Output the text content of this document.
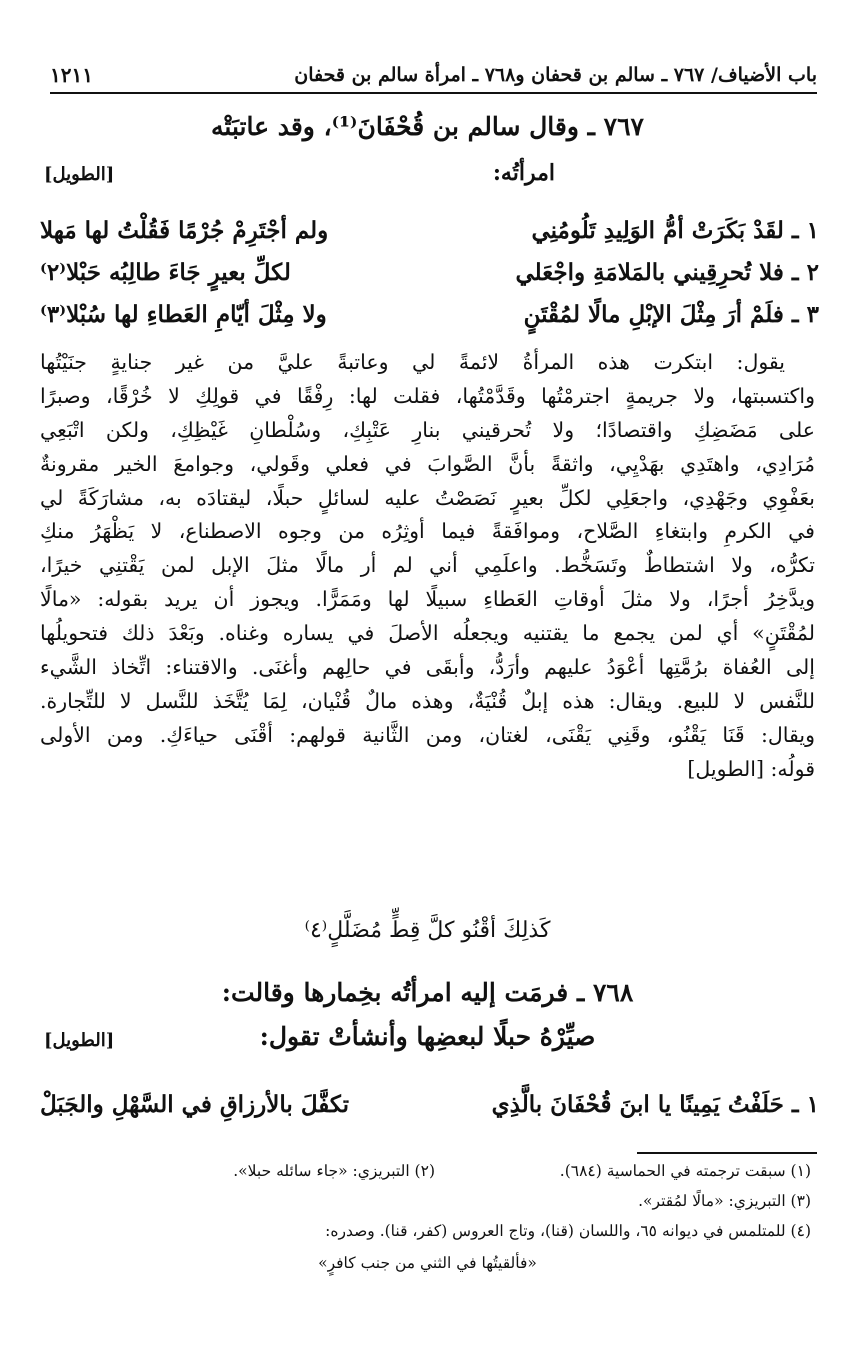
باب الأضياف/ ٧٦٧ ـ سالم بن قحفان و٧٦٨ ـ امرأة سالم بن قحفان
١٢١١
٧٦٧ ـ وقال سالم بن قُحْفَانَ⁽¹⁾، وقد عاتبَتْه
امرأتُه:
[الطويل]
١ ـ لقَدْ بَكَرَتْ أمُّ الوَلِيدِ تَلُومُنِي
ولم أجْتَرِمْ جُرْمًا فَقُلْتُ لها مَهلا
٢ ـ فلا تُحرِقِيني بالمَلامَةِ واجْعَلي
لكلِّ بعيرٍ جَاءَ طالِبُه حَبْلا⁽٢⁾
٣ ـ فلَمْ أرَ مِثْلَ الإبْلِ مالًا لمُقْتَنٍ
ولا مِثْلَ أيّامِ العَطاءِ لها سُبْلا⁽٣⁾
يقول: ابتكرت هذه المرأةُ لائمةً لي وعاتبةً عليَّ من غير جنايةٍ جنَيْتُها
واكتسبتها، ولا جريمةٍ اجترمْتُها وقَدَّمْتُها، فقلت لها: رِفْقًا في قولِكِ لا خُرْقًا، وصبرًا
على مَضَضِكِ واقتصادًا؛ ولا تُحرقيني بنارِ عَتْبِكِ، وسُلْطانِ غَيْظِكِ، ولكن اتْبَعِي
مُرَادِي، واهتَدِي بهَدْيِي، واثقةً بأنَّ الصَّوابَ في فعلي وقَولي، وجوامعَ الخير مقرونةٌ
بعَفْوِي وجَهْدِي، واجعَلِي لكلِّ بعيرٍ نَصَصْتُ عليه لسائلٍ حبلًا، ليقتادَه به، مشارَكَةً لي
في الكرمِ وابتغاءِ الصَّلاح، وموافَقةً فيما أوثِرُه من وجوه الاصطناع، لا يَظْهَرُ منكِ
تكرُّه، ولا اشتطاطٌ وتَسَخُّط. واعلَمِي أني لم أر مالًا مثلَ الإبل لمن يَقْتنِي خيرًا،
ويدَّخِرُ أجرًا، ولا مثلَ أوقاتِ العَطاءِ سبيلًا لها ومَمَرًّا. ويجوز أن يريد بقوله: «مالًا
لمُقْتَنٍ» أي لمن يجمع ما يقتنيه ويجعلُه الأصلَ في يساره وغناه. وبَعْدَ ذلك فتحويلُها
إلى العُفاة برُمَّتِها أعْوَدُ عليهم وأرَدُّ، وأبقَى في حالِهم وأغنَى. والاقتناء: اتِّخاذ الشَّيء
للنَّفس لا للبيع. ويقال: هذه إبلٌ قُنْيَةٌ، وهذه مالٌ قُنْيان، لِمَا يُتَّخَذ للنَّسل لا للتِّجارة.
ويقال: قَنَا يَقْنُو، وقَنِي يَقْنَى، لغتان، ومن الثَّانية قولهم: أقْنَى حياءَكِ. ومن الأولى
قولُه: [الطويل]
كَذلِكَ أقْنُو كلَّ قِطٍّ مُضَلَّلٍ⁽٤⁾
٧٦٨ ـ فرمَت إليه امرأتُه بخِمارها وقالت:
صيِّرْهُ حبلًا لبعضِها وأنشأتْ تقول:
[الطويل]
١ ـ حَلَفْتُ يَمِينًا يا ابنَ قُحْفَانَ بالَّذِي
تكفَّلَ بالأرزاقِ في السَّهْلِ والجَبَلْ
(١) سبقت ترجمته في الحماسية (٦٨٤).
(٢) التبريزي: «جاء سائله حبلا».
(٣) التبريزي: «مالًا لمُقتر».
(٤) للمتلمس في ديوانه ٦٥، واللسان (قنا)، وتاج العروس (كفر، قنا). وصدره:
«فألقيتُها في الثني من جنب كافرٍ»
